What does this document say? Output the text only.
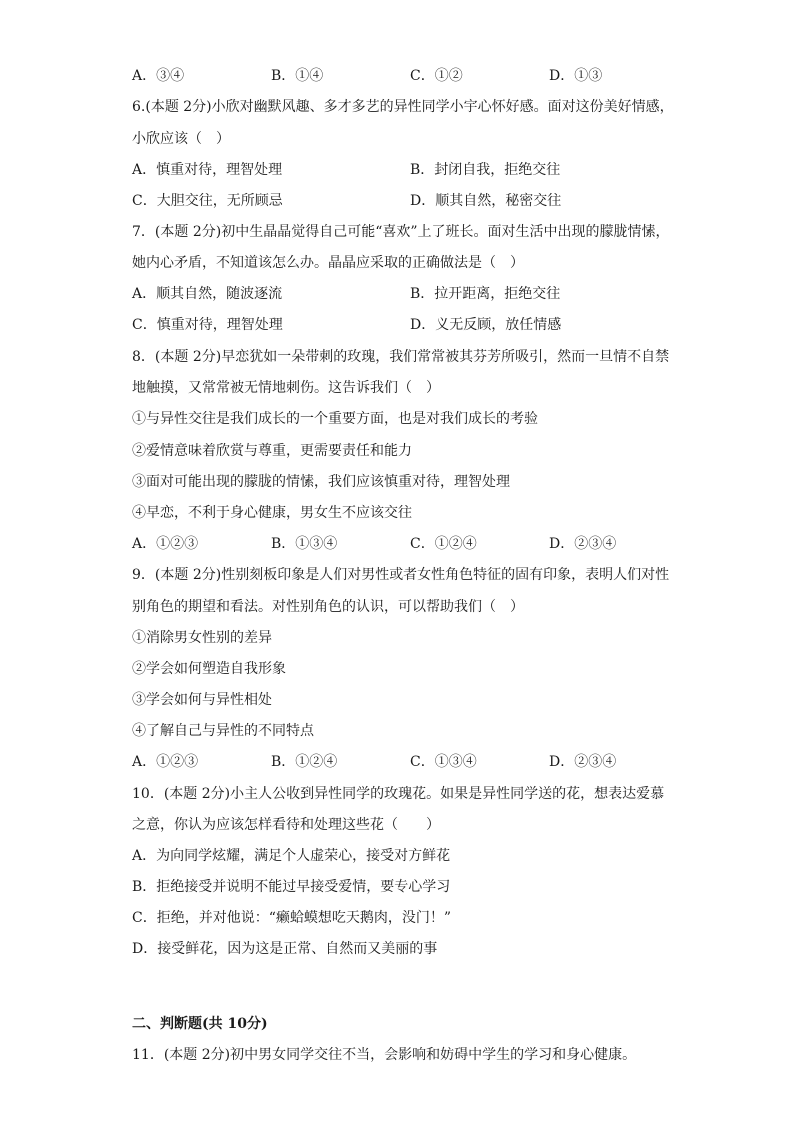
A．③④	B．①④	C．①②	D．①③
6.(本题 2分)小欣对幽默风趣、多才多艺的异性同学小宇心怀好感。面对这份美好情感，
小欣应该（　）
A．慎重对待，理智处理	B．封闭自我，拒绝交往
C．大胆交往，无所顾忌	D．顺其自然，秘密交往
7．(本题 2分)初中生晶晶觉得自己可能“喜欢”上了班长。面对生活中出现的朦胧情愫，
她内心矛盾，不知道该怎么办。晶晶应采取的正确做法是（　）
A．顺其自然，随波逐流	B．拉开距离，拒绝交往
C．慎重对待，理智处理	D．义无反顾，放任情感
8．(本题 2分)早恋犹如一朵带刺的玫瑰，我们常常被其芬芳所吸引，然而一旦情不自禁
地触摸，又常常被无情地刺伤。这告诉我们（　）
①与异性交往是我们成长的一个重要方面，也是对我们成长的考验
②爱情意味着欣赏与尊重，更需要责任和能力
③面对可能出现的朦胧的情愫，我们应该慎重对待，理智处理
④早恋，不利于身心健康，男女生不应该交往
A．①②③	B．①③④	C．①②④	D．②③④
9．(本题 2分)性别刻板印象是人们对男性或者女性角色特征的固有印象，表明人们对性
别角色的期望和看法。对性别角色的认识，可以帮助我们（　）
①消除男女性别的差异
②学会如何塑造自我形象
③学会如何与异性相处
④了解自己与异性的不同特点
A．①②③	B．①②④	C．①③④	D．②③④
10．(本题 2分)小主人公收到异性同学的玫瑰花。如果是异性同学送的花，想表达爱慕
之意，你认为应该怎样看待和处理这些花（　　）
A．为向同学炫耀，满足个人虚荣心，接受对方鲜花
B．拒绝接受并说明不能过早接受爱情，要专心学习
C．拒绝，并对他说：“癞蛤蟆想吃天鹅肉，没门！”
D．接受鲜花，因为这是正常、自然而又美丽的事
二、判断题(共 10分)
11．(本题 2分)初中男女同学交往不当，会影响和妨碍中学生的学习和身心健康。
